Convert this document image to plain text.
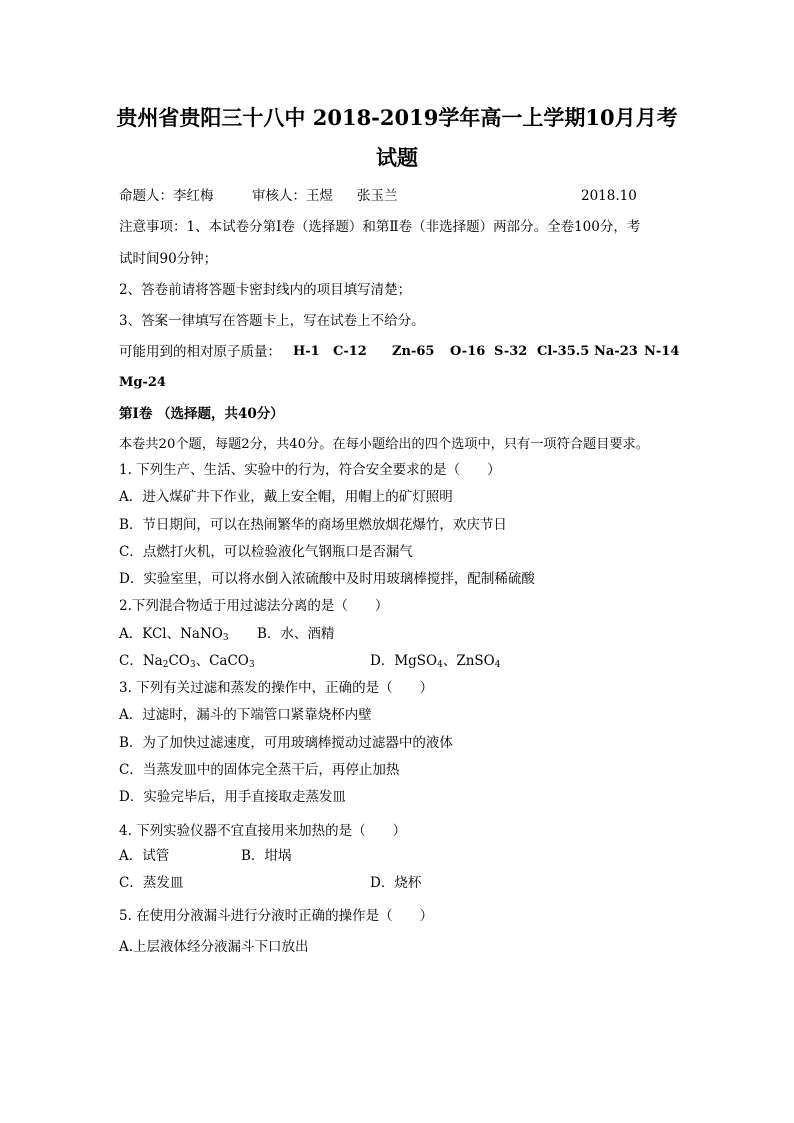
贵州省贵阳三十八中 2018-2019学年高一上学期10月月考
试题
命题人：李红梅	审核人：王煜 张玉兰	2018.10
注意事项：1、本试卷分第Ⅰ卷（选择题）和第Ⅱ卷（非选择题）两部分。全卷100分，考
试时间90分钟；
2、答卷前请将答题卡密封线内的项目填写清楚；
3、答案一律填写在答题卡上，写在试卷上不给分。
可能用到的相对原子质量： H-1 C-12 Zn-65 O-16 S-32 Cl-35.5 Na-23 N-14
Mg-24
第Ⅰ卷 （选择题，共40分）
本卷共20个题，每题2分，共40分。在每小题给出的四个选项中，只有一项符合题目要求。
1. 下列生产、生活、实验中的行为，符合安全要求的是（　　）
A．进入煤矿井下作业，戴上安全帽，用帽上的矿灯照明
B．节日期间，可以在热闹繁华的商场里燃放烟花爆竹，欢庆节日
C．点燃打火机，可以检验液化气钢瓶口是否漏气
D．实验室里，可以将水倒入浓硫酸中及时用玻璃棒搅拌，配制稀硫酸
2.下列混合物适于用过滤法分离的是（　　）
A．KCl、NaNO$_3$ B．水、酒精
C．$Na_2CO_3$、CaCO$_3$	D．MgSO$_4$、ZnSO$_4$
3. 下列有关过滤和蒸发的操作中，正确的是（　　）
A．过滤时，漏斗的下端管口紧靠烧杯内壁
B．为了加快过滤速度，可用玻璃棒搅动过滤器中的液体
C．当蒸发皿中的固体完全蒸干后，再停止加热
D．实验完毕后，用手直接取走蒸发皿
4. 下列实验仪器不宜直接用来加热的是（　　）
A．试管	B．坩埚
C．蒸发皿	D．烧杯
5. 在使用分液漏斗进行分液时正确的操作是（　　）
A.上层液体经分液漏斗下口放出
